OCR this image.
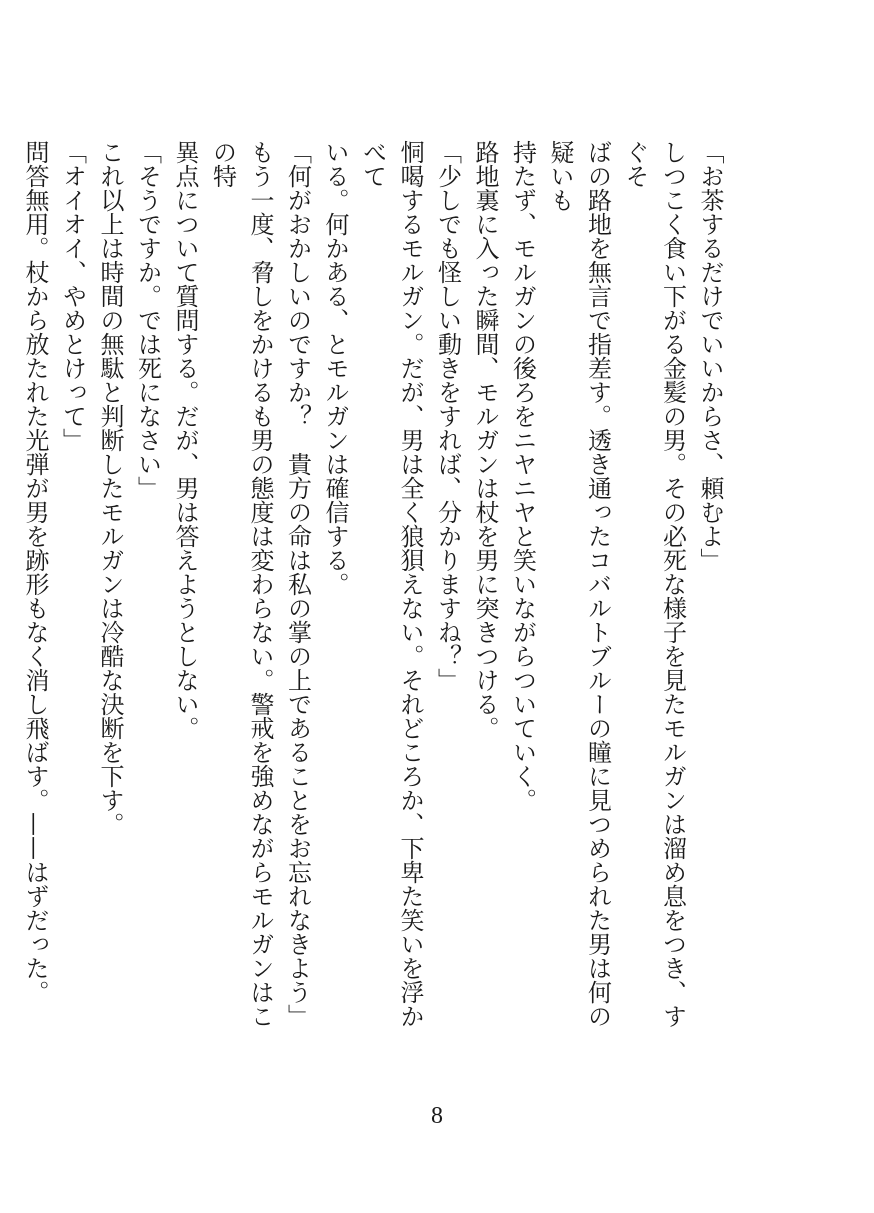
「お茶するだけでいいからさ、頼むよ」

しつこく食い下がる金髪の男。その必死な様子を見たモルガンは溜め息をつき、すぐそ

ばの路地を無言で指差す。透き通ったコバルトブルーの瞳に見つめられた男は何の疑いも

持たず、モルガンの後ろをニヤニヤと笑いながらついていく。

路地裏に入った瞬間、モルガンは杖を男に突きつける。

「少しでも怪しい動きをすれば、分かりますね？」

恫喝するモルガン。だが、男は全く狼狽えない。それどころか、下卑た笑いを浮かべて

いる。何かある、とモルガンは確信する。

「何がおかしいのですか？　貴方の命は私の掌の上であることをお忘れなきよう」

もう一度、脅しをかけるも男の態度は変わらない。警戒を強めながらモルガンはこの特

異点について質問する。だが、男は答えようとしない。

「そうですか。では死になさい」

これ以上は時間の無駄と判断したモルガンは冷酷な決断を下す。

「オイオイ、やめとけって」

問答無用。杖から放たれた光弾が男を跡形もなく消し飛ばす。——はずだった。

8
